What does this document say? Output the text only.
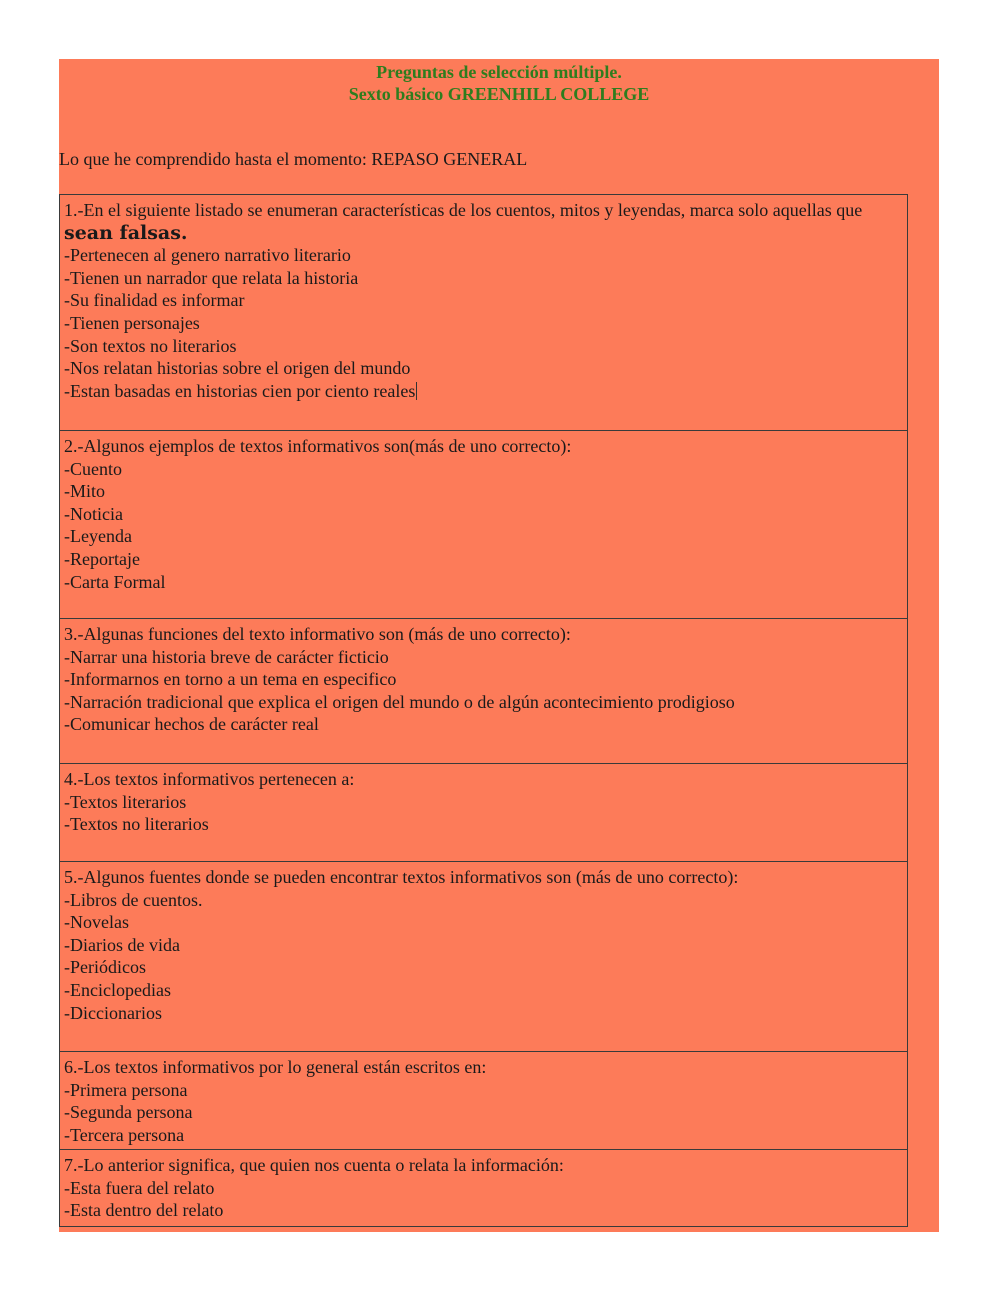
Preguntas de selección múltiple.
Sexto básico GREENHILL COLLEGE
Lo que he comprendido hasta el momento: REPASO GENERAL

1.-En el siguiente listado se enumeran características de los cuentos, mitos y leyendas, marca solo aquellas que sean falsas.

-Pertenecen al genero narrativo literario

-Tienen un narrador que relata la historia

-Su finalidad es informar

-Tienen personajes

-Son textos no literarios

-Nos relatan historias sobre el origen del mundo

-Estan basadas en historias cien por ciento reales

2.-Algunos ejemplos de textos informativos son(más de uno correcto):

-Cuento

-Mito

-Noticia

-Leyenda

-Reportaje

-Carta Formal

3.-Algunas funciones del texto informativo son (más de uno correcto):

-Narrar una historia breve de carácter ficticio

-Informarnos en torno a un tema en especifico

-Narración tradicional que explica el origen del mundo o de algún acontecimiento prodigioso

-Comunicar hechos de carácter real

4.-Los textos informativos pertenecen a:

-Textos literarios

-Textos no literarios

5.-Algunos fuentes donde se pueden encontrar textos informativos son (más de uno correcto):

-Libros de cuentos.

-Novelas

-Diarios de vida

-Periódicos

-Enciclopedias

-Diccionarios

6.-Los textos informativos por lo general están escritos en:

-Primera persona

-Segunda persona

-Tercera persona

7.-Lo anterior significa, que quien nos cuenta o relata la información:

-Esta fuera del relato

-Esta dentro del relato
